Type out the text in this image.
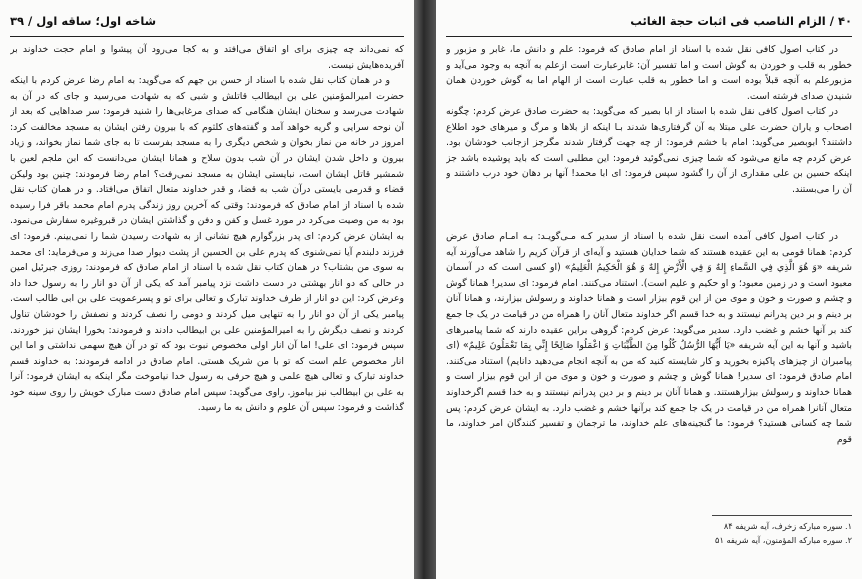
شاخه اول؛ ساقه اول / ۳۹

که نمی‌داند چه چیزی برای او اتفاق می‌افتد و به کجا می‌رود آن پیشوا و امام حجت خداوند بر آفریده‌هایش نیست.

و در همان کتاب نقل شده با اسناد از حسن بن جهم که می‌گوید: به امام رضا عرض کردم با اینکه حضرت امیرالمؤمنین علی بن ابیطالب قاتلش و شبی که به شهادت می‌رسید و جای که در آن به شهادت می‌رسد و سخنان ایشان هنگامی که صدای مرغابی‌ها را شنید فرمود: سر صداهایی که بعد از آن نوحه سرایی و گریه خواهد آمد و گفته‌های کلثوم که با بیرون رفتن ایشان به مسجد مخالفت کرد: امروز در خانه من نماز بخوان و شخص دیگری را به مسجد بفرست تا به جای شما نماز بخواند، و زیاد بیرون و داخل شدن ایشان در آن شب بدون سلاح و همانا ایشان می‌دانست که ابن ملجم لعین با شمشیر قاتل ایشان است، نبایستی ایشان به مسجد نمی‌رفت؟ امام رضا فرمودند: چنین بود ولیکن قضاء و قدرمی بایستی درآن شب به قضا، و قدر خداوند متعال اتفاق می‌افتاد. و در همان کتاب نقل شده با اسناد از امام صادق که فرمودند: وقتی که آخرین روز زندگی پدرم امام محمد باقر فرا رسیده بود به من وصیت می‌کرد در مورد غسل و کفن و دفن و گذاشتن ایشان در قبروغیره سفارش می‌نمود. به ایشان عرض کردم: ای پدر بزرگوارم هیچ نشانی از به شهادت رسیدن شما را نمی‌بینم. فرمود: ای فرزند دلبندم آیا نمی‌شنوی که پدرم علی بن الحسین از پشت دیوار صدا می‌زند و می‌فرماید: ای محمد به سوی من بشتاب؟ در همان کتاب نقل شده با اسناد از امام صادق که فرمودند: روزی جبرئیل امین در حالی که دو انار بهشتی در دست داشت نزد پیامبر آمد که یکی از آن دو انار را به رسول خدا داد وعرض کرد: این دو انار از طرف خداوند تبارک و تعالی برای تو و پسرعمویت علی بن ابی طالب است. پیامبر یکی از آن دو انار را به تنهایی میل کردند و دومی را نصف کردند و نصفش را خودشان تناول کردند و نصف دیگرش را به امیرالمؤمنین علی بن ابیطالب دادند و فرمودند: بخورا ایشان نیز خوردند. سپس فرمود: ای علی! اما آن انار اولی مخصوص نبوت بود که تو در آن هیچ سهمی نداشتی و اما این انار مخصوص علم است که تو با من شریک هستی. امام صادق در ادامه فرمودند: به خداوند قسم خداوند تبارک و تعالی هیچ علمی و هیچ حرفی به رسول خدا نیاموخت مگر اینکه به ایشان فرمود: آنرا به علی بن ابیطالب نیز بیاموز. راوی می‌گوید: سپس امام صادق دست مبارک خویش را روی سینه خود گذاشت و فرمود: سپس آن علوم و دانش به ما رسید.

۴۰ / الزام الناصب فی اثبات حجة الغائب

در کتاب اصول کافی نقل شده با اسناد از امام صادق که فرمود: علم و دانش ما، غابر و مزبور و خطور به قلب و خوردن به گوش است و اما تفسیر آن: غابرعبارت است ازعلم به آنچه به وجود می‌آید و مزبورعلم به آنچه قبلاً بوده است و اما خطور به قلب عبارت است از الهام اما به گوش خوردن همان شنیدن صدای فرشته است.

در کتاب اصول کافی نقل شده با اسناد از ابا بصیر که می‌گوید: به حضرت صادق عرض کردم: چگونه اصحاب و یاران حضرت علی مبتلا به آن گرفتاری‌ها شدند بـا اینکه از بلاها و مرگ و میرهای خود اطلاع داشتند؟ ابوبصیر می‌گوید: امام با خشم فرمود: از چه جهت گرفتار شدند مگرجز ازجانب خودشان بود. عرض کردم چه مانع می‌شود که شما چیزی نمی‌گوئید فرمود: این مطلبی است که باید پوشیده باشد جز اینکه حسین بن علی مقداری از آن را گشود سپس فرمود: ای ابا محمد! آنها بر دهان خود درب داشتند و آن را می‌بستند.

در کتاب اصول کافی آمده است نقل شده با اسناد از سدیر کـه مـی‌گویـد: بـه امـام صادق عرض کردم: همانا قومی به این عقیده هستند که شما خدایان هستید و آیه‌ای از قرآن کریم را شاهد می‌آورند آیه شریفه «وَ هُوَ الَّذِي فِي السَّماءِ إِلهٌ وَ فِي الْأَرْضِ إِلهٌ وَ هُوَ الْحَكِيمُ الْعَلِيمُ» (او کسی است که در آسمان معبود است و در زمین معبود؛ و او حکیم و علیم است). استناد می‌کنند. امام فرمود: ای سدیر! همانا گوش و چشم و صورت و خون و موی من از این قوم بیزار است و همانا خداوند و رسولش بیزارند، و همانا آنان بر دینم و بر دین پدرانم نیستند و به خدا قسم اگر خداوند متعال آنان را همراه من در قیامت در یک جا جمع کند بر آنها خشم و غضب دارد. سدیر می‌گوید: عرض کردم: گروهی براین عقیده دارند که شما پیامبرهای باشید و آنها به این آیه شریفه «يَا أَيُّهَا الرُّسُلُ كُلُوا مِنَ الطَّيِّبَاتِ وَ اعْمَلُوا صَالِحًا إِنِّي بِمَا تَعْمَلُونَ عَلِيمٌ» (ای پیامبران از چیزهای پاکیزه بخورید و کار شایسته کنید که من به آنچه انجام می‌دهید دانایم) استناد می‌کنند. امام صادق فرمود: ای سدیر! همانا گوش و چشم و صورت و خون و موی من از این قوم بیزار است و همانا خداوند و رسولش بیزارهستند. و همانا آنان بر دینم و بر دین پدرانم نیستند و به خدا قسم اگرخداوند متعال آنانرا همراه من در قیامت در یک جا جمع کند برآنها خشم و غضب دارد. به ایشان عرض کردم: پس شما چه کسانی هستید؟ فرمود: ما گنجینه‌های علم خداوند، ما ترجمان و تفسیر کنندگان امر خداوند، ما قوم

۱. سوره مبارکه زخرف، آیه شریفه ۸۴

۲. سوره مبارکه المؤمنون، آیه شریفه ۵۱
